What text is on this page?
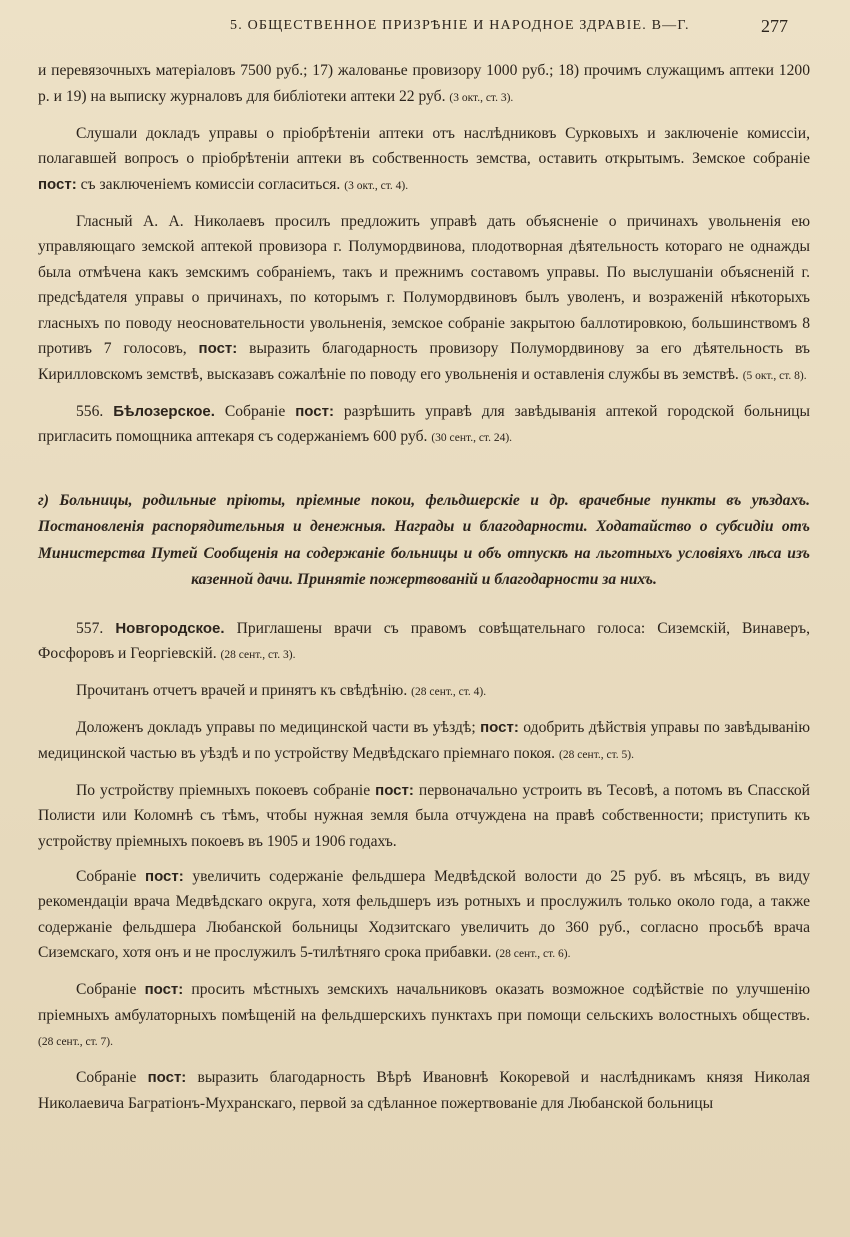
5. ОБЩЕСТВЕННОЕ ПРИЗРѢНІЕ И НАРОДНОЕ ЗДРАВІЕ. В—Г.	277

и перевязочныхъ матеріаловъ 7500 руб.; 17) жалованье провизору 1000 руб.; 18) прочимъ служащимъ аптеки 1200 р. и 19) на выписку журналовъ для библіотеки аптеки 22 руб. (3 окт., ст. 3).

Слушали докладъ управы о пріобрѣтеніи аптеки отъ наслѣдниковъ Сурковыхъ и заключеніе комиссіи, полагавшей вопросъ о пріобрѣтеніи аптеки въ собственность земства, оставить открытымъ. Земское собраніе пост: съ заключеніемъ комиссіи согласиться. (3 окт., ст. 4).

Гласный А. А. Николаевъ просилъ предложить управѣ дать объясненіе о причинахъ увольненія ею управляющаго земской аптекой провизора г. Полумордвинова, плодотворная дѣятельность котораго не однажды была отмѣчена какъ земскимъ собраніемъ, такъ и прежнимъ составомъ управы. По выслушаніи объясненій г. предсѣдателя управы о причинахъ, по которымъ г. Полумордвиновъ былъ уволенъ, и возраженій нѣкоторыхъ гласныхъ по поводу неосновательности увольненія, земское собраніе закрытою баллотировкою, большинствомъ 8 противъ 7 голосовъ, пост: выразить благодарность провизору Полумордвинову за его дѣятельность въ Кирилловскомъ земствѣ, высказавъ сожалѣніе по поводу его увольненія и оставленія службы въ земствѣ. (5 окт., ст. 8).

556. Бѣлозерское. Собраніе пост: разрѣшить управѣ для завѣдыванія аптекой городской больницы пригласить помощника аптекаря съ содержаніемъ 600 руб. (30 сент., ст. 24).

г) Больницы, родильные пріюты, пріемные покои, фельдшерскіе и др. врачебные пункты въ уѣздахъ. Постановленія распорядительныя и денежныя. Награды и благодарности. Ходатайство о субсидіи отъ Министерства Путей Сообщенія на содержаніе больницы и объ отпускѣ на льготныхъ условіяхъ лѣса изъ казенной дачи. Принятіе пожертвованій и благодарности за нихъ.

557. Новгородское. Приглашены врачи съ правомъ совѣщательнаго голоса: Сиземскій, Винаверъ, Фосфоровъ и Георгіевскій. (28 сент., ст. 3).

Прочитанъ отчетъ врачей и принятъ къ свѣдѣнію. (28 сент., ст. 4).

Доложенъ докладъ управы по медицинской части въ уѣздѣ; пост: одобрить дѣйствія управы по завѣдыванію медицинской частью въ уѣздѣ и по устройству Медвѣдскаго пріемнаго покоя. (28 сент., ст. 5).

По устройству пріемныхъ покоевъ собраніе пост: первоначально устроить въ Тесовѣ, а потомъ въ Спасской Полисти или Коломнѣ съ тѣмъ, чтобы нужная земля была отчуждена на правѣ собственности; приступить къ устройству пріемныхъ покоевъ въ 1905 и 1906 годахъ.

Собраніе пост: увеличить содержаніе фельдшера Медвѣдской волости до 25 руб. въ мѣсяцъ, въ виду рекомендаціи врача Медвѣдскаго округа, хотя фельдшеръ изъ ротныхъ и прослужилъ только около года, а также содержаніе фельдшера Любанской больницы Ходзитскаго увеличить до 360 руб., согласно просьбѣ врача Сиземскаго, хотя онъ и не прослужилъ 5-тилѣтняго срока прибавки. (28 сент., ст. 6).

Собраніе пост: просить мѣстныхъ земскихъ начальниковъ оказать возможное содѣйствіе по улучшенію пріемныхъ амбулаторныхъ помѣщеній на фельдшерскихъ пунктахъ при помощи сельскихъ волостныхъ обществъ. (28 сент., ст. 7).

Собраніе пост: выразить благодарность Вѣрѣ Ивановнѣ Кокоревой и наслѣдникамъ князя Николая Николаевича Багратіонъ-Мухранскаго, первой за сдѣланное пожертвованіе для Любанской больницы
